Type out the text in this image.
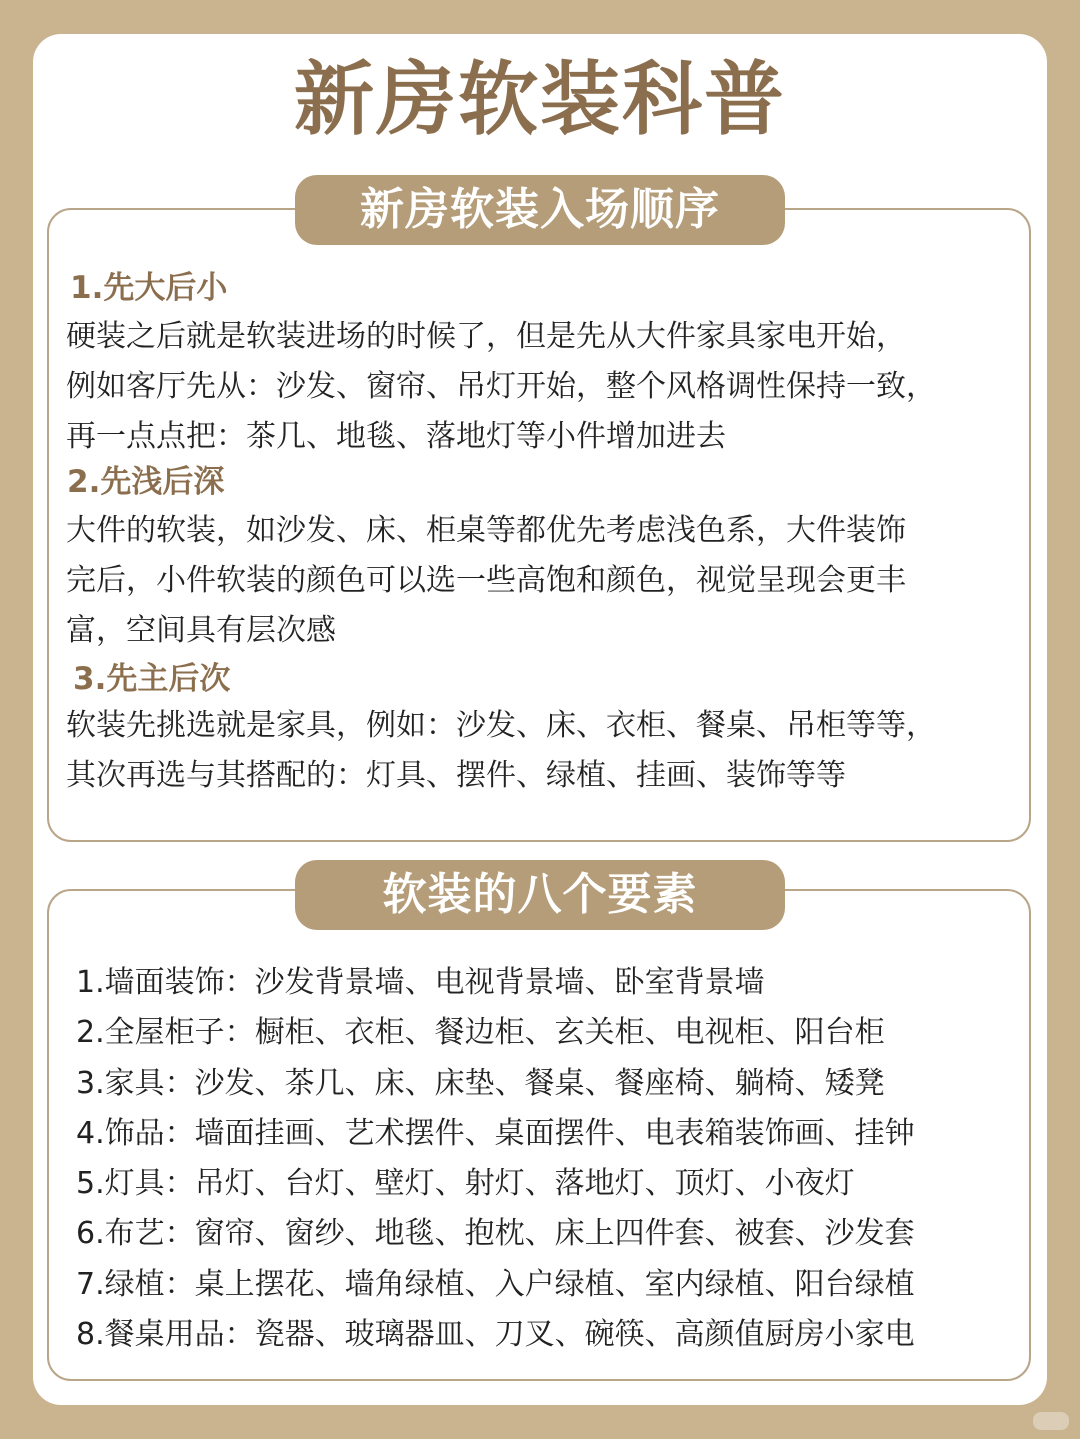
新房软装科普
新房软装入场顺序
1.先大后小
硬装之后就是软装进场的时候了，但是先从大件家具家电开始，
例如客厅先从：沙发、窗帘、吊灯开始，整个风格调性保持一致，
再一点点把：茶几、地毯、落地灯等小件增加进去
2.先浅后深
大件的软装，如沙发、床、柜桌等都优先考虑浅色系，大件装饰
完后，小件软装的颜色可以选一些高饱和颜色，视觉呈现会更丰
富，空间具有层次感
3.先主后次
软装先挑选就是家具，例如：沙发、床、衣柜、餐桌、吊柜等等，
其次再选与其搭配的：灯具、摆件、绿植、挂画、装饰等等
软装的八个要素
1.墙面装饰：沙发背景墙、电视背景墙、卧室背景墙
2.全屋柜子：橱柜、衣柜、餐边柜、玄关柜、电视柜、阳台柜
3.家具：沙发、茶几、床、床垫、餐桌、餐座椅、躺椅、矮凳
4.饰品：墙面挂画、艺术摆件、桌面摆件、电表箱装饰画、挂钟
5.灯具：吊灯、台灯、壁灯、射灯、落地灯、顶灯、小夜灯
6.布艺：窗帘、窗纱、地毯、抱枕、床上四件套、被套、沙发套
7.绿植：桌上摆花、墙角绿植、入户绿植、室内绿植、阳台绿植
8.餐桌用品：瓷器、玻璃器皿、刀叉、碗筷、高颜值厨房小家电
